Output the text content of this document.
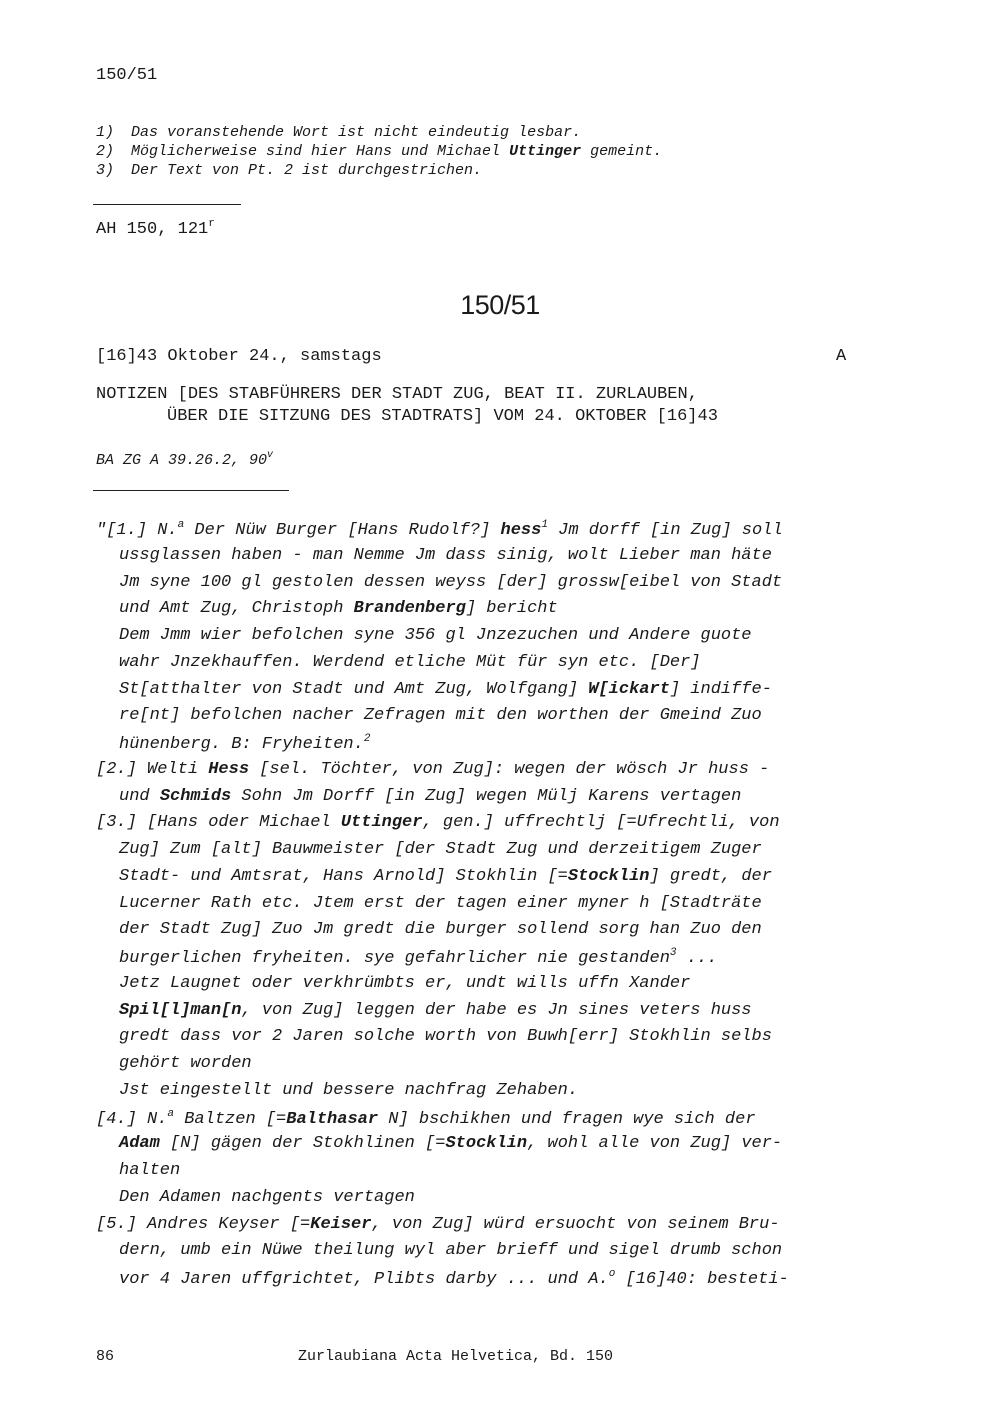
150/51
1) Das voranstehende Wort ist nicht eindeutig lesbar.
2) Möglicherweise sind hier Hans und Michael Uttinger gemeint.
3) Der Text von Pt. 2 ist durchgestrichen.
AH 150, 121$^r$
150/51
[16]43 Oktober 24., samstags	A
NOTIZEN [DES STABFÜHRERS DER STADT ZUG, BEAT II. ZURLAUBEN,
ÜBER DIE SITZUNG DES STADTRATS] VOM 24. OKTOBER [16]43
BA ZG A 39.26.2, 90$^v$
"[1.] N.$^a$ Der Nüw Burger [Hans Rudolf?] hess$^1$ Jm dorff [in Zug] soll
ussglassen haben - man Nemme Jm dass sinig, wolt Lieber man häte
Jm syne 100 gl gestolen dessen weyss [der] grossw[eibel von Stadt
und Amt Zug, Christoph Brandenberg] bericht
Dem Jmm wier befolchen syne 356 gl Jnzezuchen und Andere guote
wahr Jnzekhauffen. Werdend etliche Müt für syn etc. [Der]
St[atthalter von Stadt und Amt Zug, Wolfgang] W[ickart] indiffe-
re[nt] befolchen nacher Zefragen mit den worthen der Gmeind Zuo
hünenberg. B: Fryheiten.$^2$
[2.] Welti Hess [sel. Töchter, von Zug]: wegen der wösch Jr huss -
und Schmids Sohn Jm Dorff [in Zug] wegen Mülj Karens vertagen
[3.] [Hans oder Michael Uttinger, gen.] uffrechtlj [=Ufrechtli, von
Zug] Zum [alt] Bauwmeister [der Stadt Zug und derzeitigem Zuger
Stadt- und Amtsrat, Hans Arnold] Stokhlin [=Stocklin] gredt, der
Lucerner Rath etc. Jtem erst der tagen einer myner h [Stadträte
der Stadt Zug] Zuo Jm gredt die burger sollend sorg han Zuo den
burgerlichen fryheiten. sye gefahrlicher nie gestanden$^3$ ...
Jetz Laugnet oder verkhrümbts er, undt wills uffn Xander
Spil[l]man[n, von Zug] leggen der habe es Jn sines veters huss
gredt dass vor 2 Jaren solche worth von Buwh[err] Stokhlin selbs
gehört worden
Jst eingestellt und bessere nachfrag Zehaben.
[4.] N.$^a$ Baltzen [=Balthasar N] bschikhen und fragen wye sich der
Adam [N] gägen der Stokhlinen [=Stocklin, wohl alle von Zug] ver-
halten
Den Adamen nachgents vertagen
[5.] Andres Keyser [=Keiser, von Zug] würd ersuocht von seinem Bru-
dern, umb ein Nüwe theilung wyl aber brieff und sigel drumb schon
vor 4 Jaren uffgrichtet, Plibts darby ... und A.$^o$ [16]40: besteti-
86	Zurlaubiana Acta Helvetica, Bd. 150
